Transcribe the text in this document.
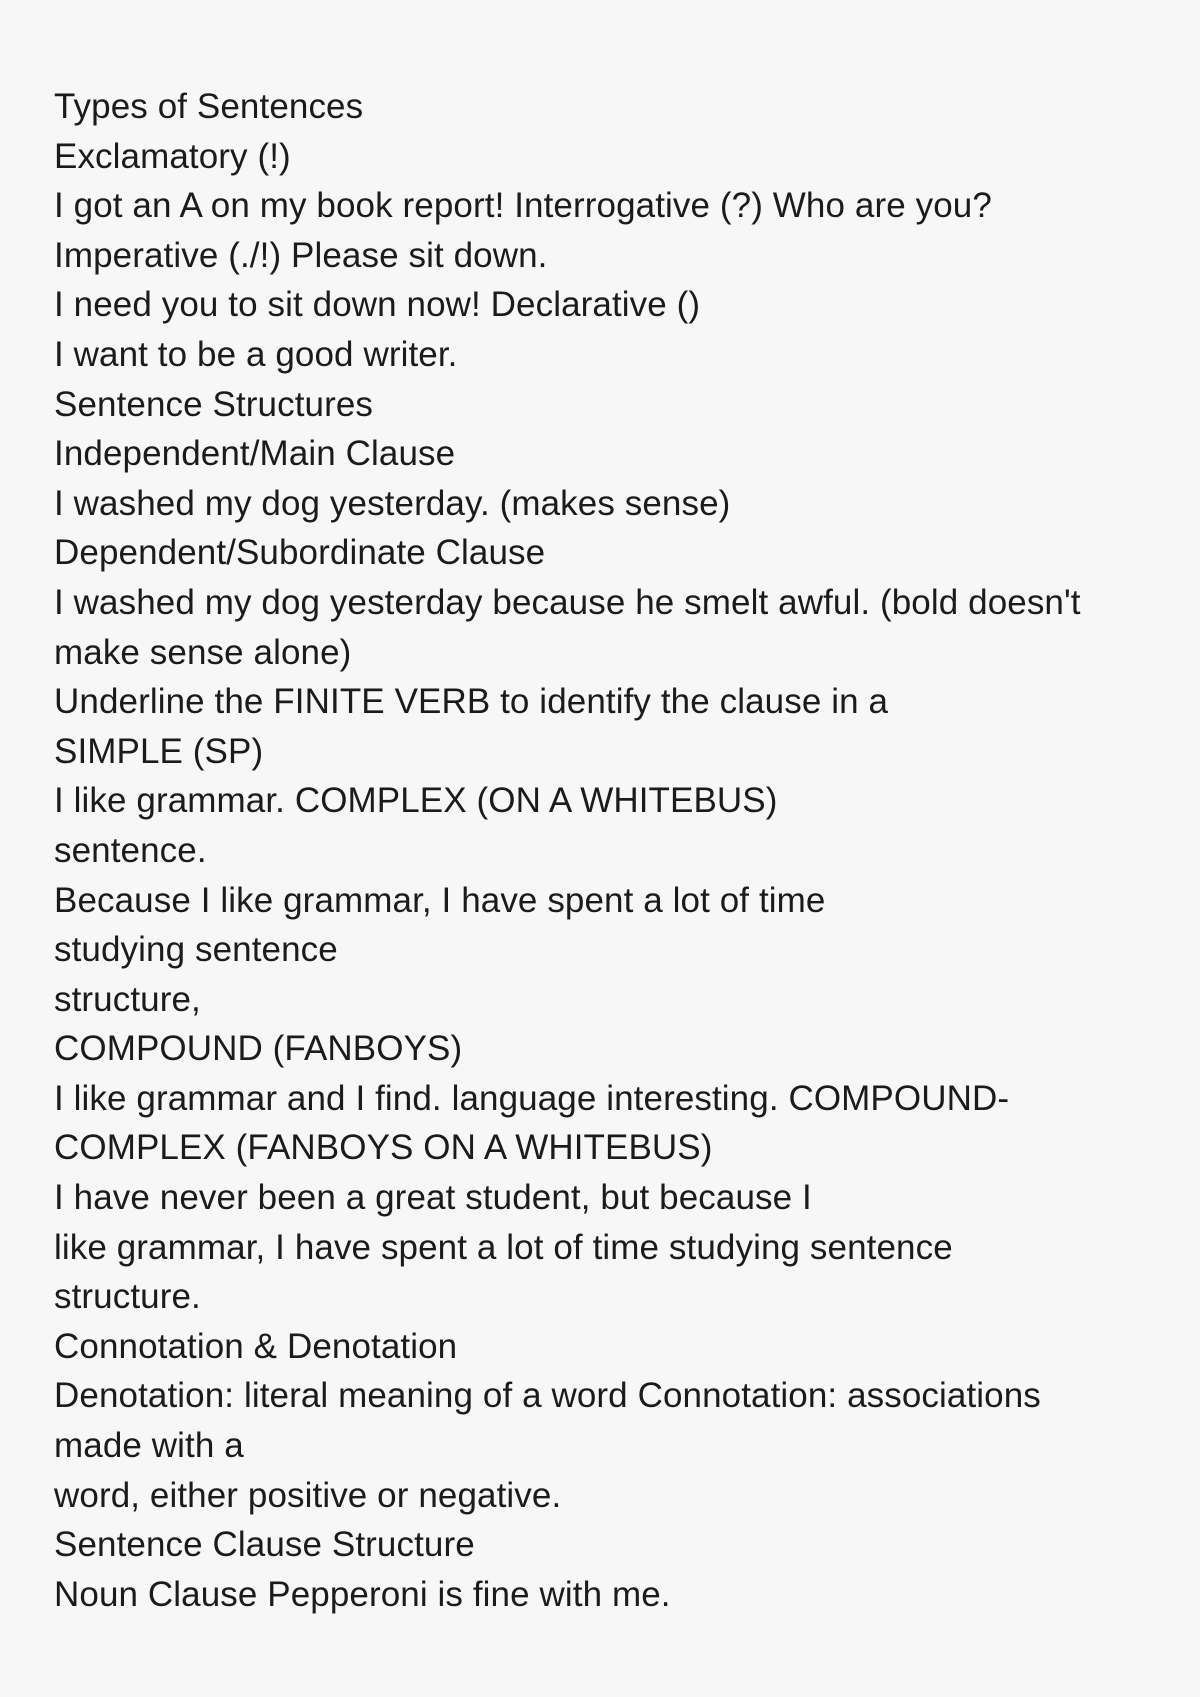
Types of Sentences
Exclamatory (!)
I got an A on my book report! Interrogative (?) Who are you?
Imperative (./!) Please sit down.
I need you to sit down now! Declarative ()
I want to be a good writer.
Sentence Structures
Independent/Main Clause
I washed my dog yesterday. (makes sense)
Dependent/Subordinate Clause
I washed my dog yesterday because he smelt awful. (bold doesn't
make sense alone)
Underline the FINITE VERB to identify the clause in a
SIMPLE (SP)
I like grammar. COMPLEX (ON A WHITEBUS)
sentence.
Because I like grammar, I have spent a lot of time
studying sentence
structure,
COMPOUND (FANBOYS)
I like grammar and I find. language interesting. COMPOUND-
COMPLEX (FANBOYS ON A WHITEBUS)
I have never been a great student, but because I
like grammar, I have spent a lot of time studying sentence
structure.
Connotation & Denotation
Denotation: literal meaning of a word Connotation: associations
made with a
word, either positive or negative.
Sentence Clause Structure
Noun Clause Pepperoni is fine with me.
